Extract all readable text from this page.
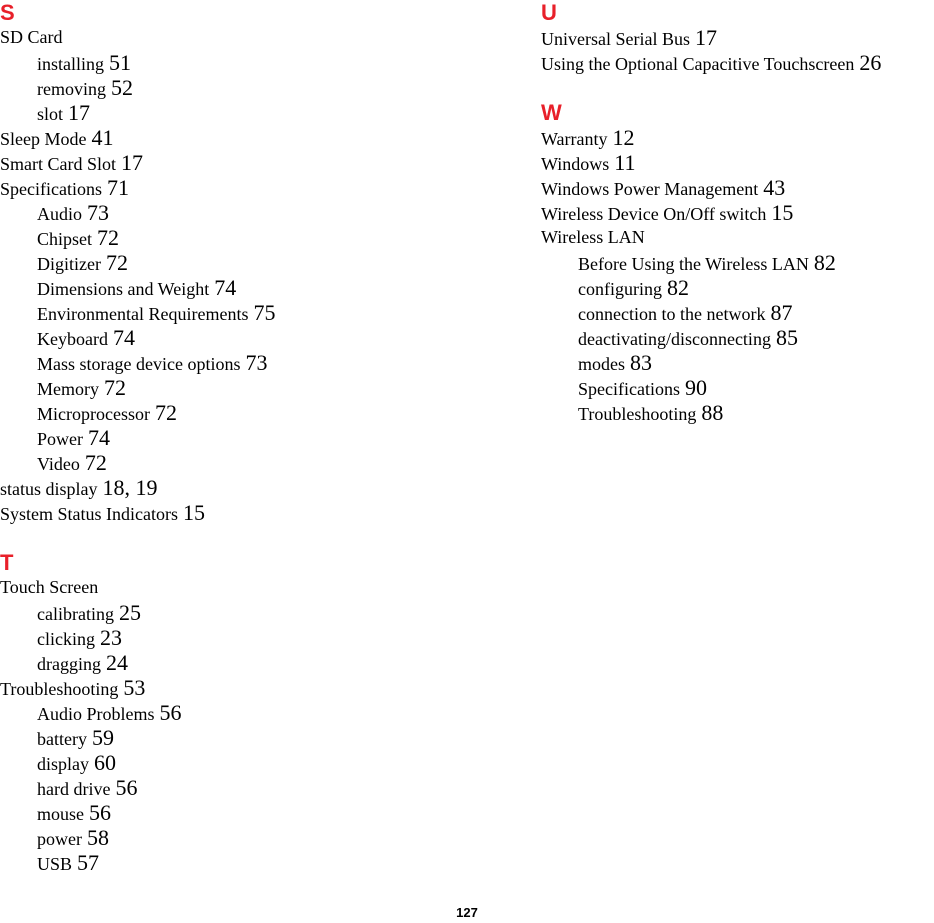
S
SD Card
installing 51
removing 52
slot 17
Sleep Mode 41
Smart Card Slot 17
Specifications 71
Audio 73
Chipset 72
Digitizer 72
Dimensions and Weight 74
Environmental Requirements 75
Keyboard 74
Mass storage device options 73
Memory 72
Microprocessor 72
Power 74
Video 72
status display 18, 19
System Status Indicators 15
T
Touch Screen
calibrating 25
clicking 23
dragging 24
Troubleshooting 53
Audio Problems 56
battery 59
display 60
hard drive 56
mouse 56
power 58
USB 57
U
Universal Serial Bus 17
Using the Optional Capacitive Touchscreen 26
W
Warranty 12
Windows 11
Windows Power Management 43
Wireless Device On/Off switch 15
Wireless LAN
Before Using the Wireless LAN 82
configuring 82
connection to the network 87
deactivating/disconnecting 85
modes 83
Specifications 90
Troubleshooting 88
127
